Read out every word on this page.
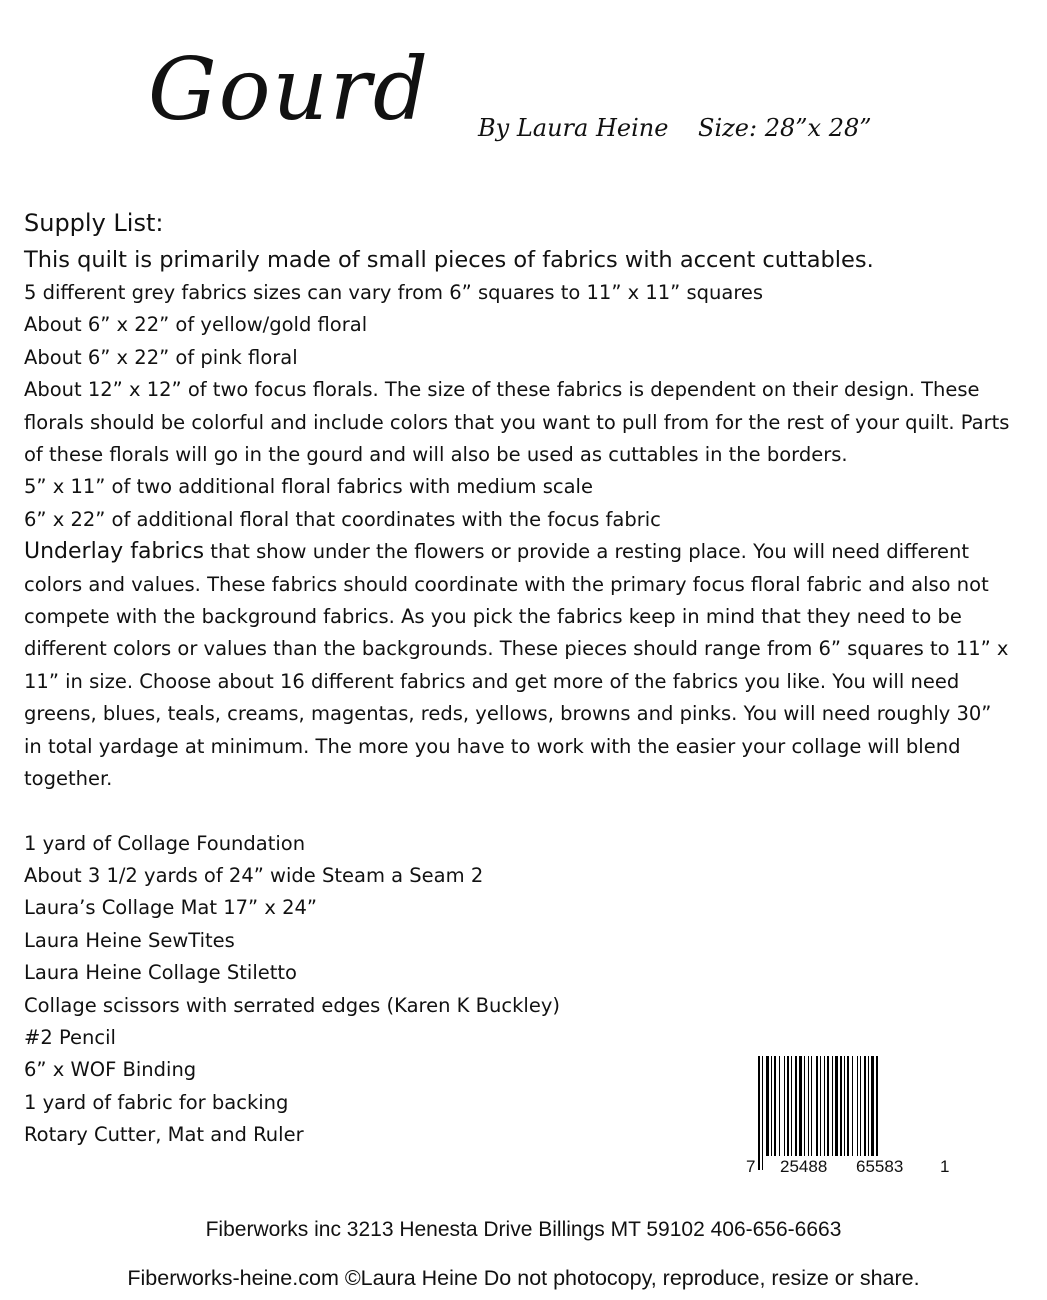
Gourd By Laura Heine Size: 28”x 28”

Supply List:

This quilt is primarily made of small pieces of fabrics with accent cuttables.

5 different grey fabrics sizes can vary from 6” squares to 11” x 11” squares

About 6” x 22” of yellow/gold floral

About 6” x 22” of pink floral

About 12” x 12” of two focus florals. The size of these fabrics is dependent on their design. These florals should be colorful and include colors that you want to pull from for the rest of your quilt. Parts of these florals will go in the gourd and will also be used as cuttables in the borders.

5” x 11” of two additional floral fabrics with medium scale

6” x 22” of additional floral that coordinates with the focus fabric

Underlay fabrics that show under the flowers or provide a resting place. You will need different colors and values. These fabrics should coordinate with the primary focus floral fabric and also not compete with the background fabrics. As you pick the fabrics keep in mind that they need to be different colors or values than the backgrounds. These pieces should range from 6” squares to 11” x 11” in size. Choose about 16 different fabrics and get more of the fabrics you like. You will need greens, blues, teals, creams, magentas, reds, yellows, browns and pinks. You will need roughly 30” in total yardage at minimum. The more you have to work with the easier your collage will blend together.

1 yard of Collage Foundation

About 3 1/2 yards of 24” wide Steam a Seam 2

Laura’s Collage Mat 17” x 24”

Laura Heine SewTites

Laura Heine Collage Stiletto

Collage scissors with serrated edges (Karen K Buckley)

#2 Pencil

6” x WOF Binding

1 yard of fabric for backing

Rotary Cutter, Mat and Ruler

7 25488 65583 1
Fiberworks inc 3213 Henesta Drive Billings MT 59102 406-656-6663
Fiberworks-heine.com ©Laura Heine Do not photocopy, reproduce, resize or share.
